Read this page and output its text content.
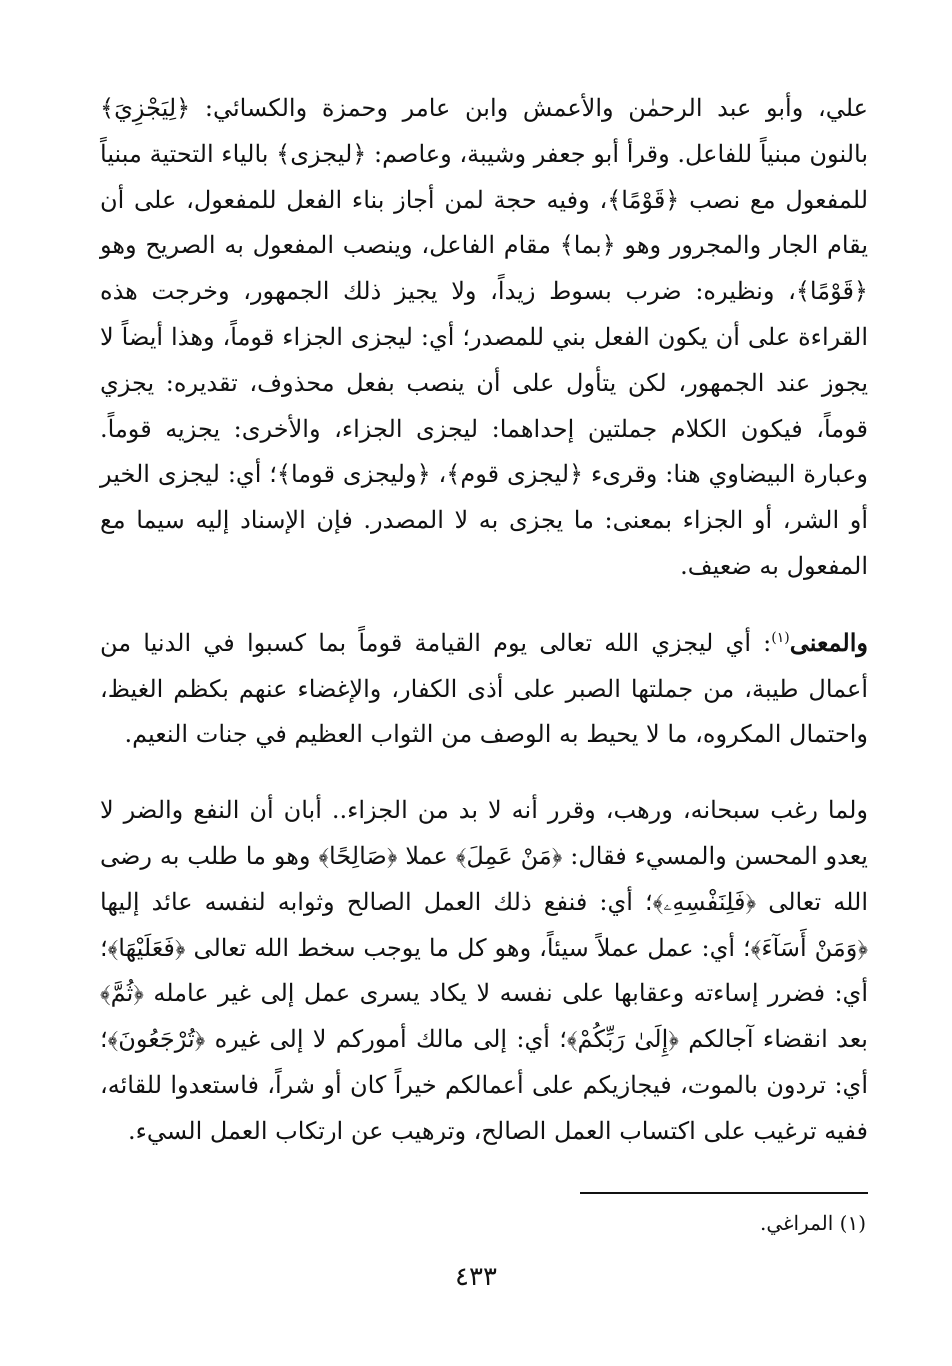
علي، وأبو عبد الرحمٰن والأعمش وابن عامر وحمزة والكسائي: ﴿لِيَجْزِيَ﴾ بالنون مبنياً للفاعل. وقرأ أبو جعفر وشيبة، وعاصم: ﴿ليجزى﴾ بالياء التحتية مبنياً للمفعول مع نصب ﴿قَوْمًا﴾، وفيه حجة لمن أجاز بناء الفعل للمفعول، على أن يقام الجار والمجرور وهو ﴿بما﴾ مقام الفاعل، وينصب المفعول به الصريح وهو ﴿قَوْمًا﴾، ونظيره: ضرب بسوط زيداً، ولا يجيز ذلك الجمهور، وخرجت هذه القراءة على أن يكون الفعل بني للمصدر؛ أي: ليجزى الجزاء قوماً، وهذا أيضاً لا يجوز عند الجمهور، لكن يتأول على أن ينصب بفعل محذوف، تقديره: يجزي قوماً، فيكون الكلام جملتين إحداهما: ليجزى الجزاء، والأخرى: يجزيه قوماً. وعبارة البيضاوي هنا: وقرىء ﴿ليجزى قوم﴾، ﴿وليجزى قوما﴾؛ أي: ليجزى الخير أو الشر، أو الجزاء بمعنى: ما يجزى به لا المصدر. فإن الإسناد إليه سيما مع المفعول به ضعيف.

والمعنى$^{(١)}$: أي ليجزي الله تعالى يوم القيامة قوماً بما كسبوا في الدنيا من أعمال طيبة، من جملتها الصبر على أذى الكفار، والإغضاء عنهم بكظم الغيظ، واحتمال المكروه، ما لا يحيط به الوصف من الثواب العظيم في جنات النعيم.

ولما رغب سبحانه، ورهب، وقرر أنه لا بد من الجزاء.. أبان أن النفع والضر لا يعدو المحسن والمسيء فقال: ﴿مَنْ عَمِلَ﴾ عملا ﴿صَالِحًا﴾ وهو ما طلب به رضى الله تعالى ﴿فَلِنَفْسِهِۦ﴾؛ أي: فنفع ذلك العمل الصالح وثوابه لنفسه عائد إليها ﴿وَمَنْ أَسَآءَ﴾؛ أي: عمل عملاً سيئاً، وهو كل ما يوجب سخط الله تعالى ﴿فَعَلَيْهَا﴾؛ أي: فضرر إساءته وعقابها على نفسه لا يكاد يسرى عمل إلى غير عامله ﴿ثُمَّ﴾ بعد انقضاء آجالكم ﴿إِلَىٰ رَبِّكُمْ﴾؛ أي: إلى مالك أموركم لا إلى غيره ﴿تُرْجَعُونَ﴾؛ أي: تردون بالموت، فيجازيكم على أعمالكم خيراً كان أو شراً، فاستعدوا للقائه، ففيه ترغيب على اكتساب العمل الصالح، وترهيب عن ارتكاب العمل السيء.

(١) المراغي.
٤٣٣
